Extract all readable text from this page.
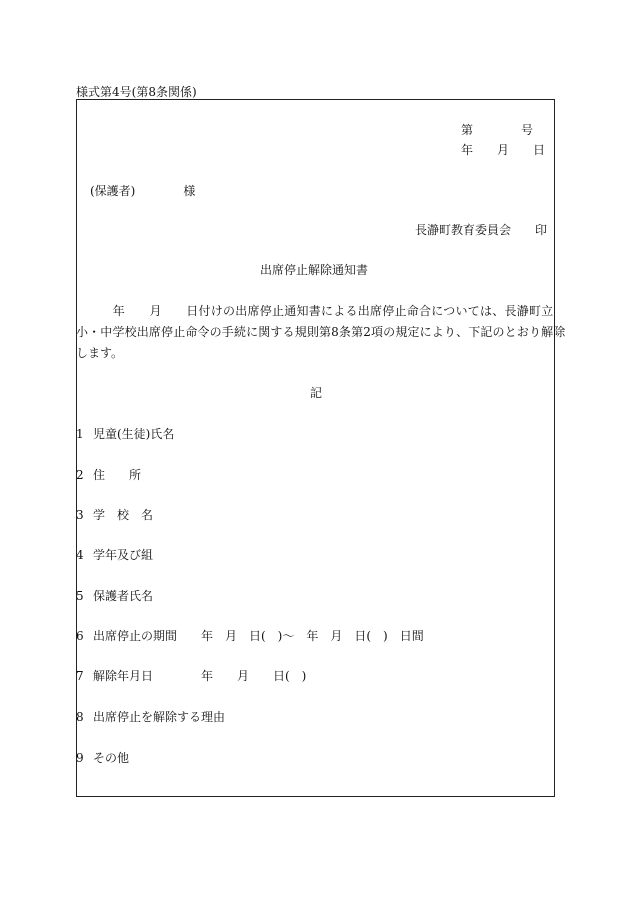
様式第4号(第8条関係)
第　　　　号
年　　月　　日
(保護者)　　　　様
長瀞町教育委員会　　印
出席停止解除通知書
　　　年　　月　　日付けの出席停止通知書による出席停止命合については、長瀞町立
小・中学校出席停止命令の手続に関する規則第8条第2項の規定により、下記のとおり解除
します。
記
1 児童(生徒)氏名
2 住　　所
3 学　校　名
4 学年及び組
5 保護者氏名
6 出席停止の期間 年　月　日(　)～　年　月　日(　)　日間
7 解除年月日	年　　月　　日(　)
8 出席停止を解除する理由
9 その他
